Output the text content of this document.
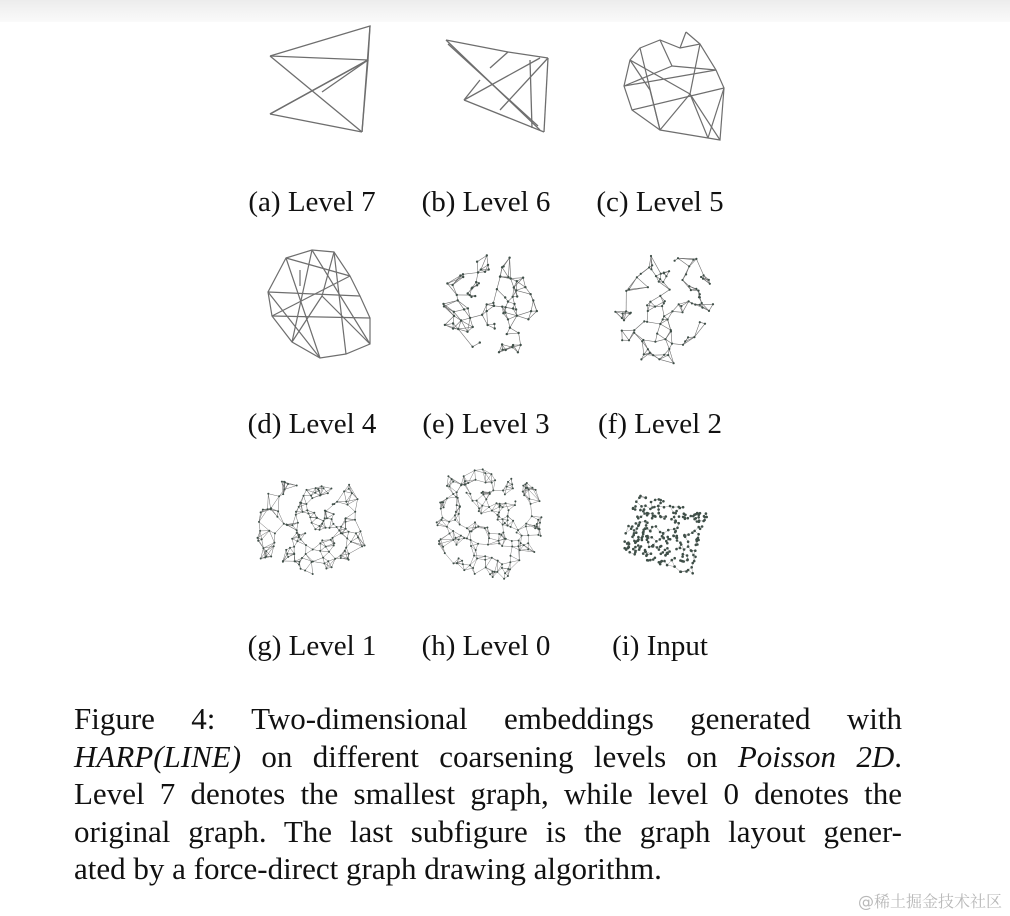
(a) Level 7	(b) Level 6	(c) Level 5
(d) Level 4	(e) Level 3	(f) Level 2
(g) Level 1	(h) Level 0	(i) Input
Figure 4: Two-dimensional embeddings generated with
HARP(LINE) on different coarsening levels on Poisson 2D.
Level 7 denotes the smallest graph, while level 0 denotes the
original graph. The last subfigure is the graph layout gener-
ated by a force-direct graph drawing algorithm.
@稀土掘金技术社区
